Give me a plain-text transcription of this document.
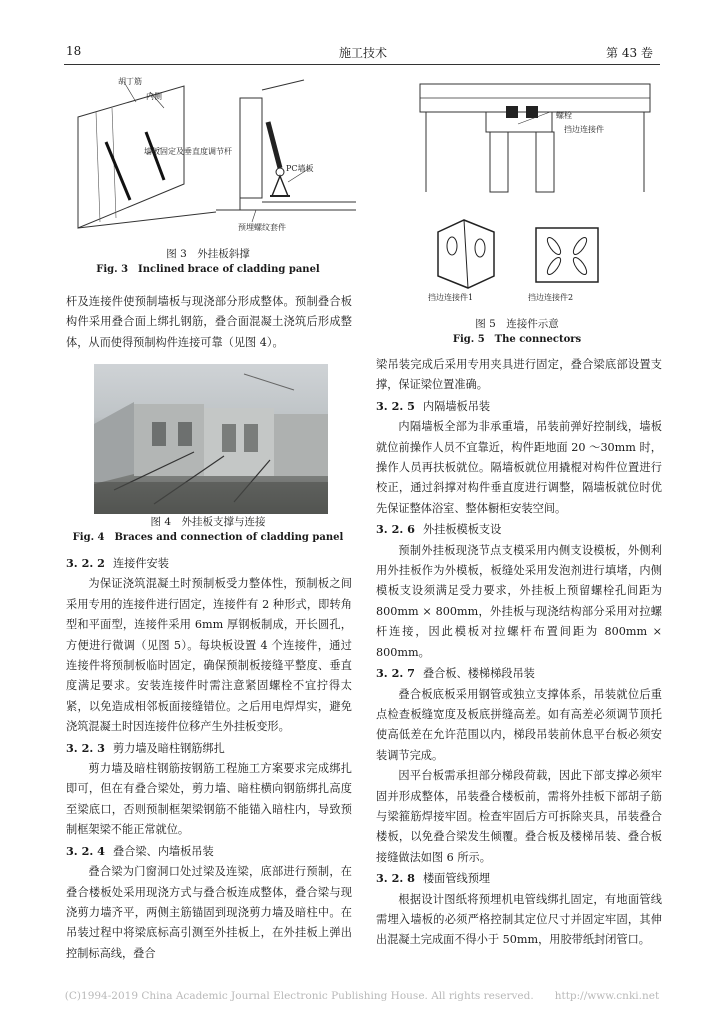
18	施工技术	第 43 卷
胡丁筋
内侧
墙板固定及垂直度调节杆
PC墙板
预埋螺纹套件
图 3　外挂板斜撑
Fig. 3　Inclined brace of cladding panel

杆及连接件使预制墙板与现浇部分形成整体。预制叠合板构件采用叠合面上绑扎钢筋，叠合面混凝土浇筑后形成整体，从而使得预制构件连接可靠（见图 4）。

图 4　外挂板支撑与连接
Fig. 4　Braces and connection of cladding panel

3. 2. 2 连接件安装

为保证浇筑混凝土时预制板受力整体性，预制板之间采用专用的连接件进行固定，连接件有 2 种形式，即转角型和平面型，连接件采用 6mm 厚钢板制成，开长圆孔，方便进行微调（见图 5）。每块板设置 4 个连接件，通过连接件将预制板临时固定，确保预制板接缝平整度、垂直度满足要求。安装连接件时需注意紧固螺栓不宜拧得太紧，以免造成相邻板面接缝错位。之后用电焊焊实，避免浇筑混凝土时因连接件位移产生外挂板变形。

3. 2. 3 剪力墙及暗柱钢筋绑扎

剪力墙及暗柱钢筋按钢筋工程施工方案要求完成绑扎即可，但在有叠合梁处，剪力墙、暗柱横向钢筋绑扎高度至梁底口，否则预制框架梁钢筋不能锚入暗柱内，导致预制框架梁不能正常就位。

3. 2. 4 叠合梁、内墙板吊装

叠合梁为门窗洞口处过梁及连梁，底部进行预制，在叠合楼板处采用现浇方式与叠合板连成整体，叠合梁与现浇剪力墙齐平，两侧主筋锚固到现浇剪力墙及暗柱中。在吊装过程中将梁底标高引测至外挂板上，在外挂板上弹出控制标高线，叠合

螺栓
挡边连接件
挡边连接件1	挡边连接件2
图 5　连接件示意
Fig. 5　The connectors

梁吊装完成后采用专用夹具进行固定，叠合梁底部设置支撑，保证梁位置准确。

3. 2. 5 内隔墙板吊装

内隔墙板全部为非承重墙，吊装前弹好控制线，墙板就位前操作人员不宜靠近，构件距地面 20 ～30mm 时，操作人员再扶板就位。隔墙板就位用撬棍对构件位置进行校正，通过斜撑对构件垂直度进行调整，隔墙板就位时优先保证整体浴室、整体橱柜安装空间。

3. 2. 6 外挂板模板支设

预制外挂板现浇节点支模采用内侧支设模板，外侧利用外挂板作为外模板，板缝处采用发泡剂进行填堵，内侧模板支设须满足受力要求，外挂板上预留螺栓孔间距为 800mm × 800mm，外挂板与现浇结构部分采用对拉螺杆连接，因此模板对拉螺杆布置间距为 800mm × 800mm。

3. 2. 7 叠合板、楼梯梯段吊装

叠合板底板采用钢管或独立支撑体系，吊装就位后重点检查板缝宽度及板底拼缝高差。如有高差必须调节顶托使高低差在允许范围以内，梯段吊装前休息平台板必须安装调节完成。

因平台板需承担部分梯段荷载，因此下部支撑必须牢固并形成整体，吊装叠合楼板前，需将外挂板下部胡子筋与梁箍筋焊接牢固。检查牢固后方可拆除夹具，吊装叠合楼板，以免叠合梁发生倾覆。叠合板及楼梯吊装、叠合板接缝做法如图 6 所示。

3. 2. 8 楼面管线预埋

根据设计图纸将预埋机电管线绑扎固定，有地面管线需埋入墙板的必须严格控制其定位尺寸并固定牢固，其伸出混凝土完成面不得小于 50mm，用胶带纸封闭管口。

(C)1994-2019 China Academic Journal Electronic Publishing House. All rights reserved.　　http://www.cnki.net
